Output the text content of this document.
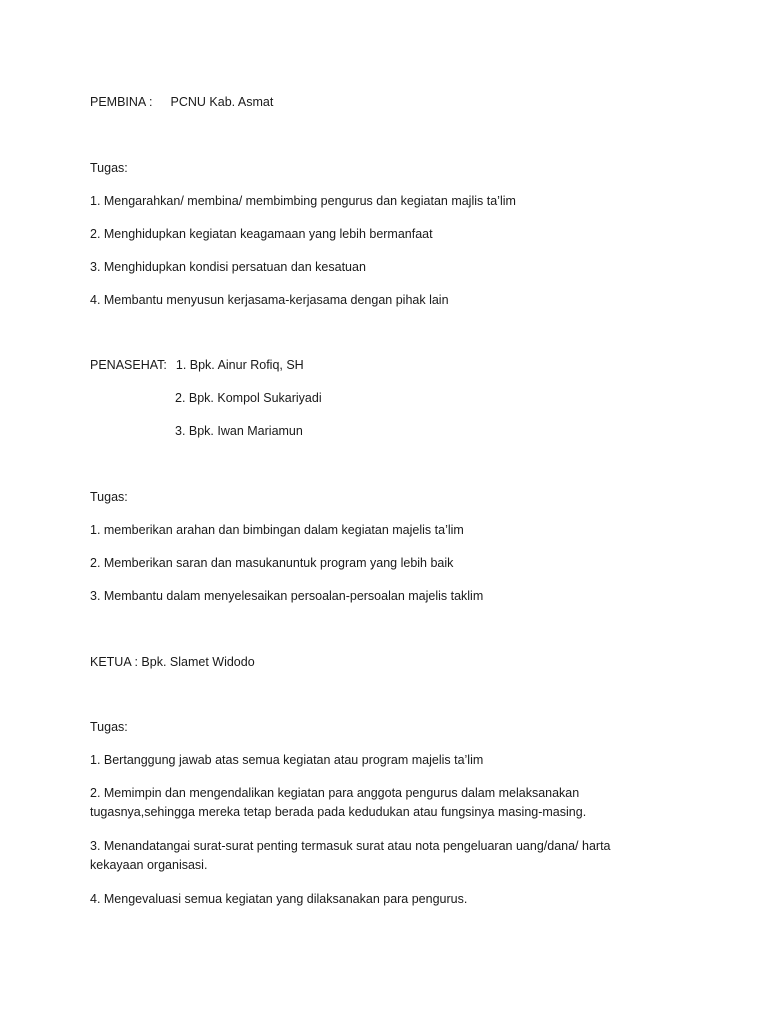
PEMBINA : PCNU Kab. Asmat
Tugas:
1. Mengarahkan/ membina/ membimbing pengurus dan kegiatan majlis ta’lim
2. Menghidupkan kegiatan keagamaan yang lebih bermanfaat
3. Menghidupkan kondisi persatuan dan kesatuan
4. Membantu menyusun kerjasama-kerjasama dengan pihak lain
PENASEHAT: 1. Bpk. Ainur Rofiq, SH
2. Bpk. Kompol Sukariyadi
3. Bpk. Iwan Mariamun
Tugas:
1. memberikan arahan dan bimbingan dalam kegiatan majelis ta’lim
2. Memberikan saran dan masukanuntuk program yang lebih baik
3. Membantu dalam menyelesaikan persoalan-persoalan majelis taklim
KETUA : Bpk. Slamet Widodo
Tugas:
1. Bertanggung jawab atas semua kegiatan atau program majelis ta’lim
2. Memimpin dan mengendalikan kegiatan para anggota pengurus dalam melaksanakan tugasnya,sehingga mereka tetap berada pada kedudukan atau fungsinya masing-masing.
3. Menandatangai surat-surat penting termasuk surat atau nota pengeluaran uang/dana/ harta kekayaan organisasi.
4. Mengevaluasi semua kegiatan yang dilaksanakan para pengurus.
